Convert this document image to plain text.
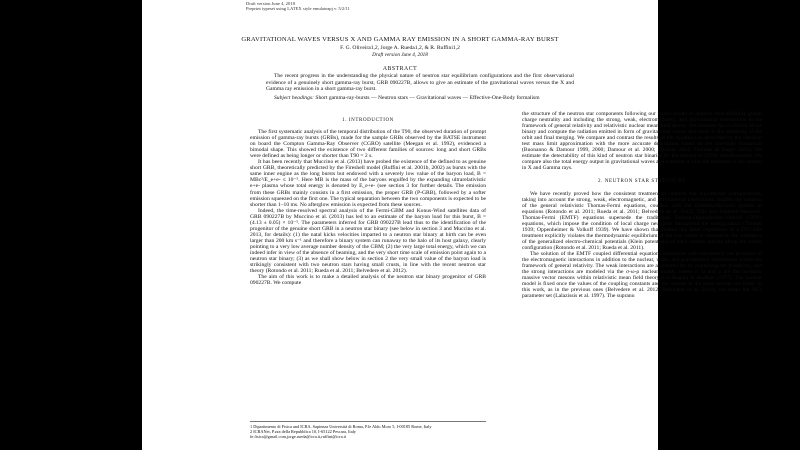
Draft version June 4, 2018
Preprint typeset using LATEX style emulateapj v. 5/2/11
GRAVITATIONAL WAVES VERSUS X AND GAMMA RAY EMISSION IN A SHORT GAMMA-RAY BURST
F. G. Oliveira1,2, Jorge A. Rueda1,2, & R. Ruffini1,2
Draft version June 4, 2018
ABSTRACT

The recent progress in the understanding the physical nature of neutron star equilibrium configurations and the first observational evidence of a genuinely short gamma-ray burst, GRB 090227B, allows to give an estimate of the gravitational waves versus the X and Gamma ray emission in a short gamma-ray burst.

Subject headings: Short gamma-ray-bursts — Neutron stars — Gravitational waves — Effective-One-Body formalism

1. INTRODUCTION

The first systematic analysis of the temporal distribution of the T90, the observed duration of prompt emission of gamma-ray bursts (GRBs), made for the sample GRBs observed by the BATSE instrument on board the Compton Gamma-Ray Observer (CGRO) satellite (Meegan et al. 1992), evidenced a bimodal shape. This showed the existence of two different families of sources: long and short GRBs were defined as being longer or shorter than T90 = 2 s.

It has been recently that Muccino et al. (2013) have probed the existence of the defined to as genuine short GRB, theoretically predicted by the Fireshell model (Ruffini et al. 2001b, 2002) as bursts with the same inner engine as the long bursts but endowed with a severely low value of the baryon load, B = MBc²/E_e+e- ≤ 10⁻⁵. Here MB is the mass of the baryons engulfed by the expanding ultrarelativistic e+e- plasma whose total energy is denoted by E_e+e- (see section 3 for further details. The emission from these GRBs mainly consists in a first emission, the proper GRB (P-GRB), followed by a softer emission squeezed on the first one. The typical separation between the two components is expected to be shorter than 1–10 ms. No afterglow emission is expected from these sources.

Indeed, the time-resolved spectral analysis of the Fermi-GBM and Konus-Wind satellites data of GRB 090227B by Muccino et al. (2013) has led to an estimate of the baryon load for this burst, B = (4.13 ± 0.05) × 10⁻⁵. The parameters inferred for GRB 090227B lead thus to the identification of the progenitor of the genuine short GRB in a neutron star binary (see below in section 3 and Muccino et al. 2013, for details): (1) the natal kicks velocities imparted to a neutron star binary at birth can be even larger than 200 km s⁻¹ and therefore a binary system can runaway to the halo of its host galaxy, clearly pointing to a very low average number density of the CBM; (2) the very large total energy, which we can indeed infer in view of the absence of beaming, and the very short time scale of emission point again to a neutron star binary; (3) as we shall show below in section 2 the very small value of the baryon load is strikingly consistent with two neutron stars having small crusts, in line with the recent neutron star theory (Rotondo et al. 2011; Rueda et al. 2011; Belvedere et al. 2012).

The aim of this work is to make a detailed analysis of the neutron star binary progenitor of GRB 090227B. We compute

1 Dipartimento di Fisica and ICRA, Sapienza Università di Roma, P.le Aldo Moro 5, I-00185 Rome, Italy
2 ICRANet, P.zza della Repubblica 10, I-65122 Pescara, Italy
fe.fisica@gmail.com,jorge.rueda@icra.it,ruffini@icra.it

the structure of the neutron star components following our recent model of neutron stars fulfilling global charge neutrality and including the strong, weak, electromagnetic, and gravitational interactions in the framework of general relativity and relativistic nuclear mean field theory. We simulate the evolution of the binary and compute the radiation emitted in form of gravitational waves that leads to the shrinking of the orbit and final merging. We compare and contrast the results of the dynamics as described by the classical test mass limit approximation with the more accurate description based on the one-body formalism (Buonanno & Damour 1999, 2000; Damour et al. 2000; Damour 2001; Damour & Nagar 2010). We estimate the detectability of this kind of neutron star binaries by the Advanced LIGO interferometer. We compare also the total energy output in gravitational waves and compare it with the emission of the system in X and Gamma rays.

2. NEUTRON STAR STRUCTURE

We have recently proved how the consistent treatment of neutron star equilibrium configurations, taking into account the strong, weak, electromagnetic, and gravitational interactions, implies the solution of the general relativistic Thomas-Fermi equations, coupled with the Einstein-Maxwell system of equations (Rotondo et al. 2011; Rueda et al. 2011; Belvedere et al. 2012). This new Einstein-Maxwell-Thomas-Fermi (EMTF) equations supersede the traditional Tolman-Oppenheimer-Volkoff (TOV) equations, which impose the condition of local charge neutrality throughout the configuration (Tolman 1939; Oppenheimer & Volkoff 1939). We have shown that indeed this latter imposition of a TOV-like treatment explicitly violates the thermodynamic equilibrium of the star, which is ensured by the constancy of the generalized electro-chemical potentials (Klein potentials) of each system species along the whole configuration (Rotondo et al. 2011; Rueda et al. 2011).

The solution of the EMTF coupled differential equations introduces self-consistently the presence of the electromagnetic interactions in addition to the nuclear, weak, and gravitational interactions within the framework of general relativity. The weak interactions are accounted for by requesting the β-stability, and the strong interactions are modeled via the σ-ω-ρ nuclear model, where σ, ω and ρ are the mediator massive vector mesons within relativistic mean field theory à la Boguta & Bodmer (1977). The nuclear model is fixed once the values of the coupling constants and the masses of the three mesons are fixed: in this work, as in the previous ones (Belvedere et al. 2012; Belvedere et al. 2014), we adopt the NL3 parameter set (Lalazissis et al. 1997). The supranu
